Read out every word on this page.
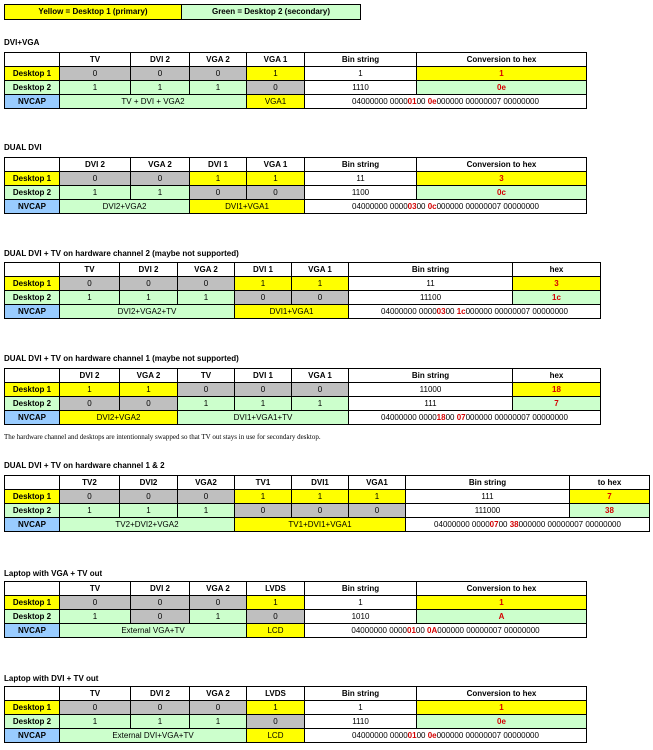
Yellow = Desktop 1 (primary)	Green = Desktop 2 (secondary)
DVI+VGA
	TV	DVI 2	VGA 2	VGA 1	Bin string	Conversion to hex
Desktop 1	0	0	0	1	1	1
Desktop 2	1	1	1	0	1110	0e
NVCAP	TV + DVI + VGA2			VGA1	04000000 00000100 0e000000 00000007 00000000	
DUAL DVI
	DVI 2	VGA 2	DVI 1	VGA 1	Bin string	Conversion to hex
Desktop 1	0	0	1	1	11	3
Desktop 2	1	1	0	0	1100	0c
NVCAP	DVI2+VGA2		DVI1+VGA1		04000000 00000300 0c000000 00000007 00000000	
DUAL DVI + TV on hardware channel 2 (maybe not supported)
	TV	DVI 2	VGA 2	DVI 1	VGA 1	Bin string	hex
Desktop 1	0	0	0	1	1	11	3
Desktop 2	1	1	1	0	0	11100	1c
NVCAP	DVI2+VGA2+TV			DVI1+VGA1		04000000 00000300 1c000000 00000007 00000000	
DUAL DVI + TV on hardware channel 1 (maybe not supported)
	DVI 2	VGA 2	TV	DVI 1	VGA 1	Bin string	hex
Desktop 1	1	1	0	0	0	11000	18
Desktop 2	0	0	1	1	1	111	7
NVCAP	DVI2+VGA2		DVI1+VGA1+TV			04000000 00001800 07000000 00000007 00000000	
DUAL DVI + TV on hardware channel 1 & 2
	TV2	DVI2	VGA2	TV1	DVI1	VGA1	Bin string	to hex
Desktop 1	0	0	0	1	1	1	111	7
Desktop 2	1	1	1	0	0	0	111000	38
NVCAP	TV2+DVI2+VGA2			TV1+DVI1+VGA1			04000000 00000700 38000000 00000007 00000000	
Laptop with VGA + TV out
	TV	DVI 2	VGA 2	LVDS	Bin string	Conversion to hex
Desktop 1	0	0	0	1	1	1
Desktop 2	1	0	1	0	1010	A
NVCAP	External VGA+TV			LCD	04000000 00000100 0A000000 00000007 00000000	
Laptop with DVI + TV out
	TV	DVI 2	VGA 2	LVDS	Bin string	Conversion to hex
Desktop 1	0	0	0	1	1	1
Desktop 2	1	1	1	0	1110	0e
NVCAP	External DVI+VGA+TV			LCD	04000000 00000100 0e000000 00000007 00000000	
The hardware channel and desktops are intentionnaly swapped so that TV out stays in use for secondary desktop.
